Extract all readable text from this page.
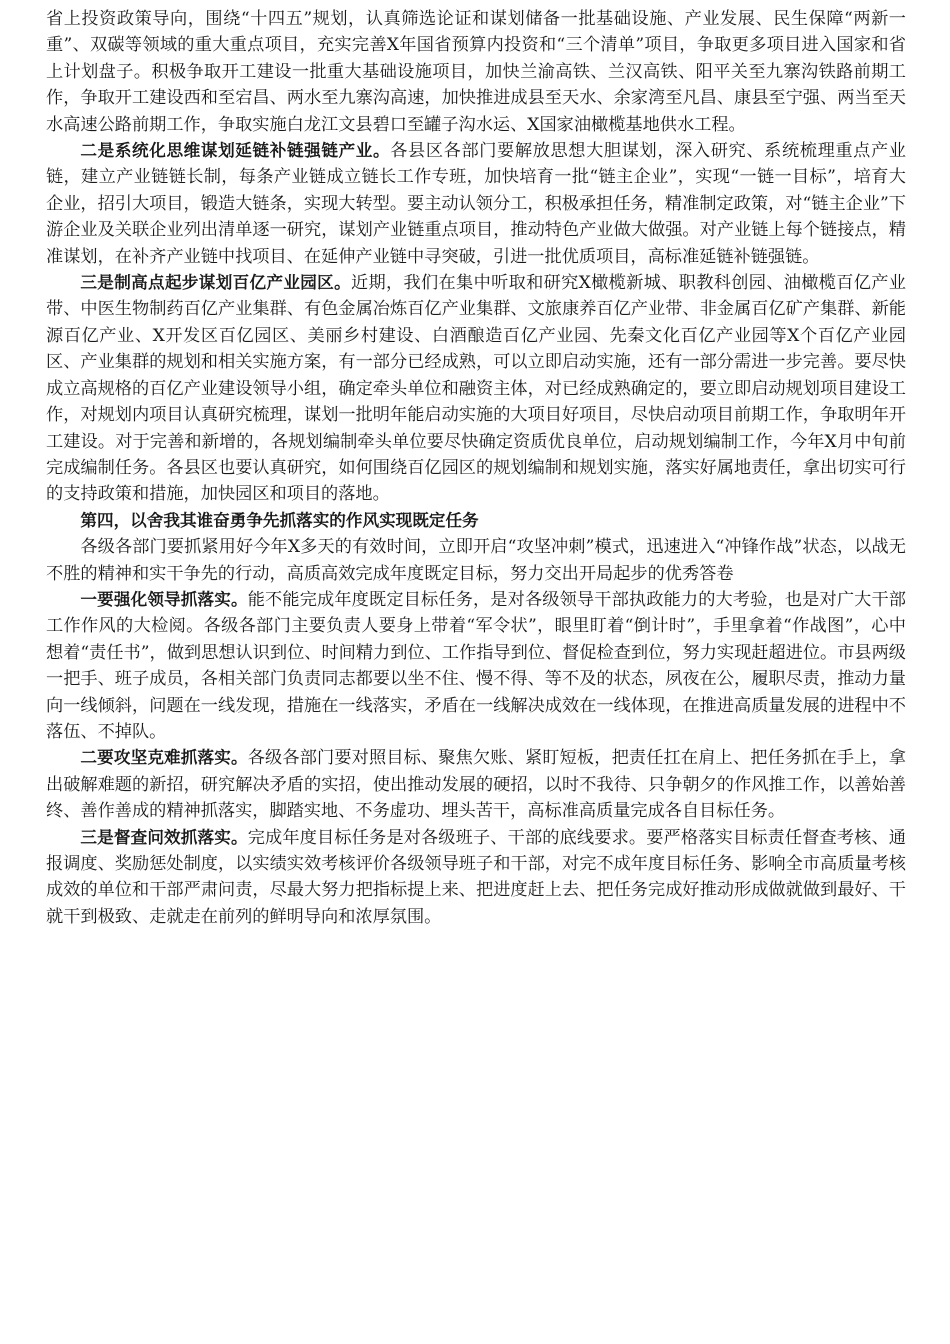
省上投资政策导向，围绕“十四五”规划，认真筛选论证和谋划储备一批基础设施、产业发展、民生保障“两新一重”、双碳等领域的重大重点项目，充实完善X年国省预算内投资和“三个清单”项目，争取更多项目进入国家和省上计划盘子。积极争取开工建设一批重大基础设施项目，加快兰渝高铁、兰汉高铁、阳平关至九寨沟铁路前期工作，争取开工建设西和至宕昌、两水至九寨沟高速，加快推进成县至天水、余家湾至凡昌、康县至宁强、两当至天水高速公路前期工作，争取实施白龙江文县碧口至罐子沟水运、X国家油橄榄基地供水工程。

二是系统化思维谋划延链补链强链产业。各县区各部门要解放思想大胆谋划，深入研究、系统梳理重点产业链，建立产业链链长制，每条产业链成立链长工作专班，加快培育一批“链主企业”，实现“一链一目标”，培育大企业，招引大项目，锻造大链条，实现大转型。要主动认领分工，积极承担任务，精准制定政策，对“链主企业”下游企业及关联企业列出清单逐一研究，谋划产业链重点项目，推动特色产业做大做强。对产业链上每个链接点，精准谋划，在补齐产业链中找项目、在延伸产业链中寻突破，引进一批优质项目，高标准延链补链强链。

三是制高点起步谋划百亿产业园区。近期，我们在集中听取和研究X橄榄新城、职教科创园、油橄榄百亿产业带、中医生物制药百亿产业集群、有色金属冶炼百亿产业集群、文旅康养百亿产业带、非金属百亿矿产集群、新能源百亿产业、X开发区百亿园区、美丽乡村建设、白酒酿造百亿产业园、先秦文化百亿产业园等X个百亿产业园区、产业集群的规划和相关实施方案，有一部分已经成熟，可以立即启动实施，还有一部分需进一步完善。要尽快成立高规格的百亿产业建设领导小组，确定牵头单位和融资主体，对已经成熟确定的，要立即启动规划项目建设工作，对规划内项目认真研究梳理，谋划一批明年能启动实施的大项目好项目，尽快启动项目前期工作，争取明年开工建设。对于完善和新增的，各规划编制牵头单位要尽快确定资质优良单位，启动规划编制工作，今年X月中旬前完成编制任务。各县区也要认真研究，如何围绕百亿园区的规划编制和规划实施，落实好属地责任，拿出切实可行的支持政策和措施，加快园区和项目的落地。

第四，以舍我其谁奋勇争先抓落实的作风实现既定任务

各级各部门要抓紧用好今年X多天的有效时间，立即开启“攻坚冲刺”模式，迅速进入“冲锋作战”状态，以战无不胜的精神和实干争先的行动，高质高效完成年度既定目标，努力交出开局起步的优秀答卷

一要强化领导抓落实。能不能完成年度既定目标任务，是对各级领导干部执政能力的大考验，也是对广大干部工作作风的大检阅。各级各部门主要负责人要身上带着“军令状”，眼里盯着“倒计时”，手里拿着“作战图”，心中想着“责任书”，做到思想认识到位、时间精力到位、工作指导到位、督促检查到位，努力实现赶超进位。市县两级一把手、班子成员，各相关部门负责同志都要以坐不住、慢不得、等不及的状态，夙夜在公，履职尽责，推动力量向一线倾斜，问题在一线发现，措施在一线落实，矛盾在一线解决成效在一线体现，在推进高质量发展的进程中不落伍、不掉队。

二要攻坚克难抓落实。各级各部门要对照目标、聚焦欠账、紧盯短板，把责任扛在肩上、把任务抓在手上，拿出破解难题的新招，研究解决矛盾的实招，使出推动发展的硬招，以时不我待、只争朝夕的作风推工作，以善始善终、善作善成的精神抓落实，脚踏实地、不务虚功、埋头苦干，高标准高质量完成各自目标任务。

三是督查问效抓落实。完成年度目标任务是对各级班子、干部的底线要求。要严格落实目标责任督查考核、通报调度、奖励惩处制度，以实绩实效考核评价各级领导班子和干部，对完不成年度目标任务、影响全市高质量考核成效的单位和干部严肃问责，尽最大努力把指标提上来、把进度赶上去、把任务完成好推动形成做就做到最好、干就干到极致、走就走在前列的鲜明导向和浓厚氛围。
